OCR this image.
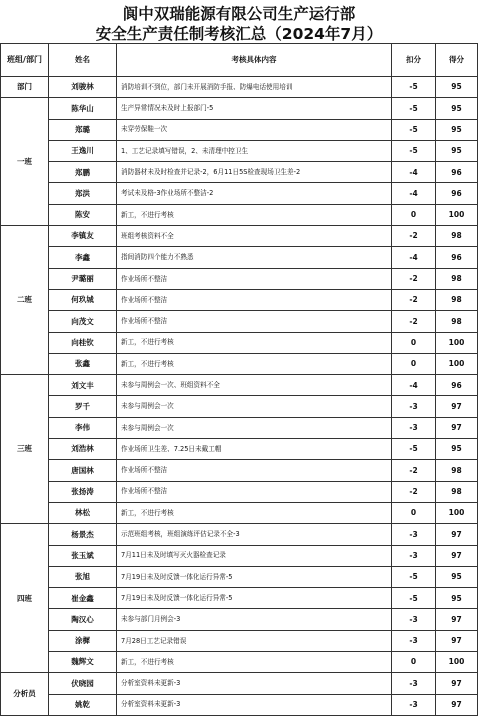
阆中双瑞能源有限公司生产运行部
安全生产责任制考核汇总（2024年7月）
班组/部门	姓名	考核具体内容	扣分	得分
部门	刘骏林	消防培训不到位，部门未开展消防手报、防爆电话使用培训	-5	95
一班	陈华山	生产异常情况未及时上报部门-5	-5	95
	郑璐	未穿劳保鞋一次	-5	95
	王逸川	1、工艺记录填写错误，2、未清理中控卫生	-5	95
	郑鹏	消防器材未及时检查并记录-2，6月11日5S检查现场卫生差-2	-4	96
	郑洪	考试未及格-3作业场所不整洁-2	-4	96
	陈安	新工，不进行考核	0	100
二班	李镇友	班组考核资料不全	-2	98
	李鑫	指间消防四个能力不熟悉	-4	96
	尹璐丽	作业场所不整洁	-2	98
	何玖城	作业场所不整洁	-2	98
	向茂文	作业场所不整洁	-2	98
	向桂钦	新工，不进行考核	0	100
	张鑫	新工，不进行考核	0	100
三班	刘文丰	未参与周例会一次、班组资料不全	-4	96
	罗千	未参与周例会一次	-3	97
	李伟	未参与周例会一次	-3	97
	刘浩林	作业场所卫生差、7.25日未戴工帽	-5	95
	唐国林	作业场所不整洁	-2	98
	张扬涛	作业场所不整洁	-2	98
	林松	新工，不进行考核	0	100
四班	杨景杰	示范班组考核，班组演练评估记录不全-3	-3	97
	张玉斌	7月11日未及时填写灭火器检查记录	-3	97
	张旭	7月19日未及时反馈一体化运行异常-5	-5	95
	崔金鑫	7月19日未及时反馈一体化运行异常-5	-5	95
	陶汉心	未参与部门月例会-3	-3	97
	涂樨	7月28日工艺记录错误	-3	97
	魏辉文	新工，不进行考核	0	100
分析员	伏晓园	分析室资料未更新-3	-3	97
	姚乾	分析室资料未更新-3	-3	97
